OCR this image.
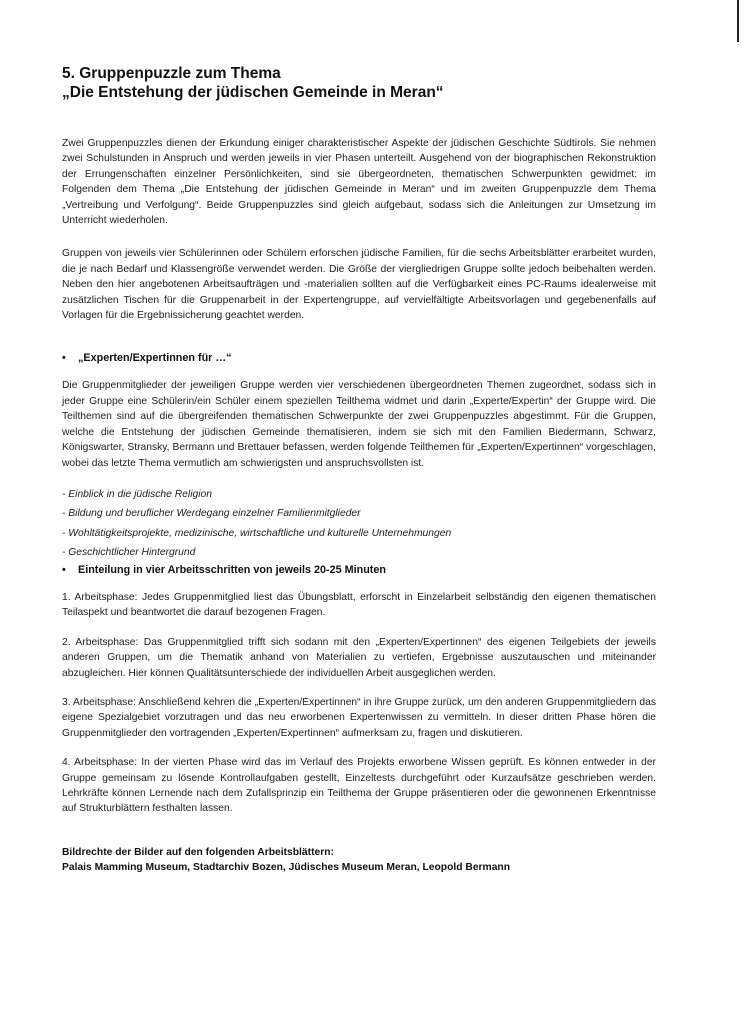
5. Gruppenpuzzle zum Thema
„Die Entstehung der jüdischen Gemeinde in Meran“

Zwei Gruppenpuzzles dienen der Erkundung einiger charakteristischer Aspekte der jüdischen Geschichte Südtirols. Sie nehmen zwei Schulstunden in Anspruch und werden jeweils in vier Phasen unterteilt. Ausgehend von der biographischen Rekonstruktion der Errungenschaften einzelner Persönlichkeiten, sind sie übergeordneten, thematischen Schwerpunkten gewidmet: im Folgenden dem Thema „Die Entstehung der jüdischen Gemeinde in Meran“ und im zweiten Gruppenpuzzle dem Thema „Vertreibung und Verfolgung“. Beide Gruppenpuzzles sind gleich aufgebaut, sodass sich die Anleitungen zur Umsetzung im Unterricht wiederholen.

Gruppen von jeweils vier Schülerinnen oder Schülern erforschen jüdische Familien, für die sechs Arbeitsblätter erarbeitet wurden, die je nach Bedarf und Klassengröße verwendet werden. Die Größe der viergliedrigen Gruppe sollte jedoch beibehalten werden. Neben den hier angebotenen Arbeitsaufträgen und -materialien sollten auf die Verfügbarkeit eines PC-Raums idealerweise mit zusätzlichen Tischen für die Gruppenarbeit in der Expertengruppe, auf vervielfältigte Arbeitsvorlagen und gegebenenfalls auf Vorlagen für die Ergebnissicherung geachtet werden.

• „Experten/Expertinnen für …“

Die Gruppenmitglieder der jeweiligen Gruppe werden vier verschiedenen übergeordneten Themen zugeordnet, sodass sich in jeder Gruppe eine Schülerin/ein Schüler einem speziellen Teilthema widmet und darin „Experte/Expertin“ der Gruppe wird. Die Teilthemen sind auf die übergreifenden thematischen Schwerpunkte der zwei Gruppenpuzzles abgestimmt. Für die Gruppen, welche die Entstehung der jüdischen Gemeinde thematisieren, indem sie sich mit den Familien Biedermann, Schwarz, Königswarter, Stransky, Bermann und Brettauer befassen, werden folgende Teilthemen für „Experten/Expertinnen“ vorgeschlagen, wobei das letzte Thema vermutlich am schwierigsten und anspruchsvollsten ist.

- Einblick in die jüdische Religion
- Bildung und beruflicher Werdegang einzelner Familienmitglieder
- Wohltätigkeitsprojekte, medizinische, wirtschaftliche und kulturelle Unternehmungen
- Geschichtlicher Hintergrund
• Einteilung in vier Arbeitsschritten von jeweils 20-25 Minuten

1. Arbeitsphase: Jedes Gruppenmitglied liest das Übungsblatt, erforscht in Einzelarbeit selbständig den eigenen thematischen Teilaspekt und beantwortet die darauf bezogenen Fragen.

2. Arbeitsphase: Das Gruppenmitglied trifft sich sodann mit den „Experten/Expertinnen“ des eigenen Teilgebiets der jeweils anderen Gruppen, um die Thematik anhand von Materialien zu vertiefen, Ergebnisse auszutauschen und miteinander abzugleichen. Hier können Qualitätsunterschiede der individuellen Arbeit ausgeglichen werden.

3. Arbeitsphase: Anschließend kehren die „Experten/Expertinnen“ in ihre Gruppe zurück, um den anderen Gruppenmitgliedern das eigene Spezialgebiet vorzutragen und das neu erworbenen Expertenwissen zu vermitteln. In dieser dritten Phase hören die Gruppenmitglieder den vortragenden „Experten/Expertinnen“ aufmerksam zu, fragen und diskutieren.

4. Arbeitsphase: In der vierten Phase wird das im Verlauf des Projekts erworbene Wissen geprüft. Es können entweder in der Gruppe gemeinsam zu lösende Kontrollaufgaben gestellt, Einzeltests durchgeführt oder Kurzaufsätze geschrieben werden. Lehrkräfte können Lernende nach dem Zufallsprinzip ein Teilthema der Gruppe präsentieren oder die gewonnenen Erkenntnisse auf Strukturblättern festhalten lassen.

Bildrechte der Bilder auf den folgenden Arbeitsblättern:

Palais Mamming Museum, Stadtarchiv Bozen, Jüdisches Museum Meran, Leopold Bermann
